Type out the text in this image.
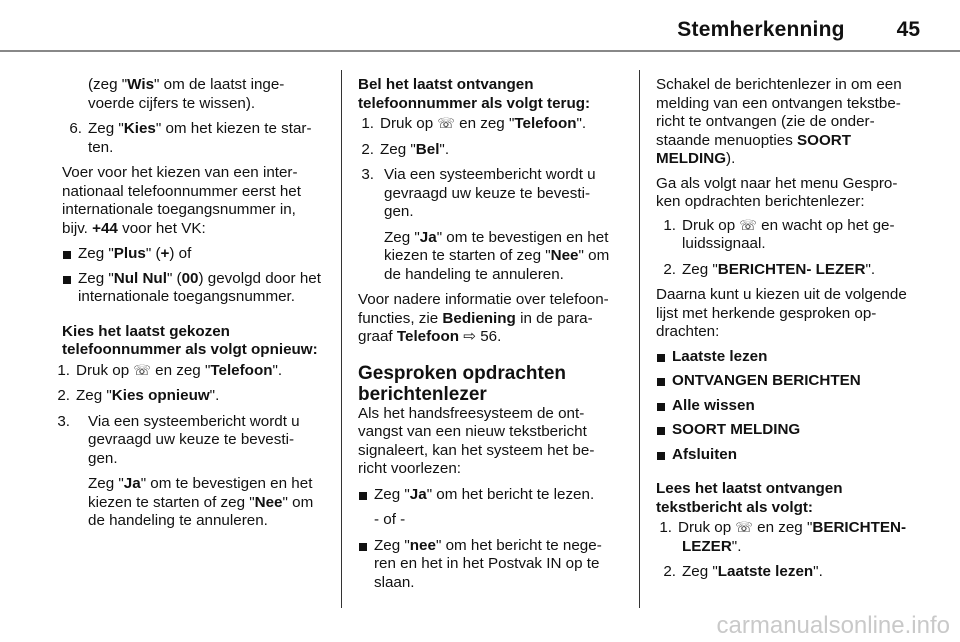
Stemherkenning 45

(zeg "Wis" om de laatst inge-
voerde cijfers te wissen).

6. Zeg "Kies" om het kiezen te star-
ten.

Voer voor het kiezen van een inter-
nationaal telefoonnummer eerst het
internationale toegangsnummer in,
bijv. +44 voor het VK:

Zeg "Plus" (+) of
Zeg "Nul Nul" (00) gevolgd door het
internationale toegangsnummer.

Kies het laatst gekozen
telefoonnummer als volgt opnieuw:

1. Druk op ☏ en zeg "Telefoon".
2. Zeg "Kies opnieuw".
3.	Via een systeembericht wordt u
gevraagd uw keuze te bevesti-
gen.
Zeg "Ja" om te bevestigen en het
kiezen te starten of zeg "Nee" om
de handeling te annuleren.

Bel het laatst ontvangen
telefoonnummer als volgt terug:

1. Druk op ☏ en zeg "Telefoon".
2. Zeg "Bel".
3. Via een systeembericht wordt u
gevraagd uw keuze te bevesti-
gen.
Zeg "Ja" om te bevestigen en het
kiezen te starten of zeg "Nee" om
de handeling te annuleren.

Voor nadere informatie over telefoon-
functies, zie Bediening in de para-
graaf Telefoon ⇨ 56.

Gesproken opdrachten
berichtenlezer

Als het handsfreesysteem de ont-
vangst van een nieuw tekstbericht
signaleert, kan het systeem het be-
richt voorlezen:

Zeg "Ja" om het bericht te lezen.

- of -

Zeg "nee" om het bericht te nege-
ren en het in het Postvak IN op te
slaan.

Schakel de berichtenlezer in om een
melding van een ontvangen tekstbe-
richt te ontvangen (zie de onder-
staande menuopties SOORT
MELDING).

Ga als volgt naar het menu Gespro-
ken opdrachten berichtenlezer:

1. Druk op ☏ en wacht op het ge-
luidssignaal.
2. Zeg "BERICHTEN- LEZER".

Daarna kunt u kiezen uit de volgende
lijst met herkende gesproken op-
drachten:

Laatste lezen
ONTVANGEN BERICHTEN
Alle wissen
SOORT MELDING
Afsluiten

Lees het laatst ontvangen
tekstbericht als volgt:

1. Druk op ☏ en zeg "BERICHTEN-
LEZER".
2. Zeg "Laatste lezen".
carmanualsonline.info
